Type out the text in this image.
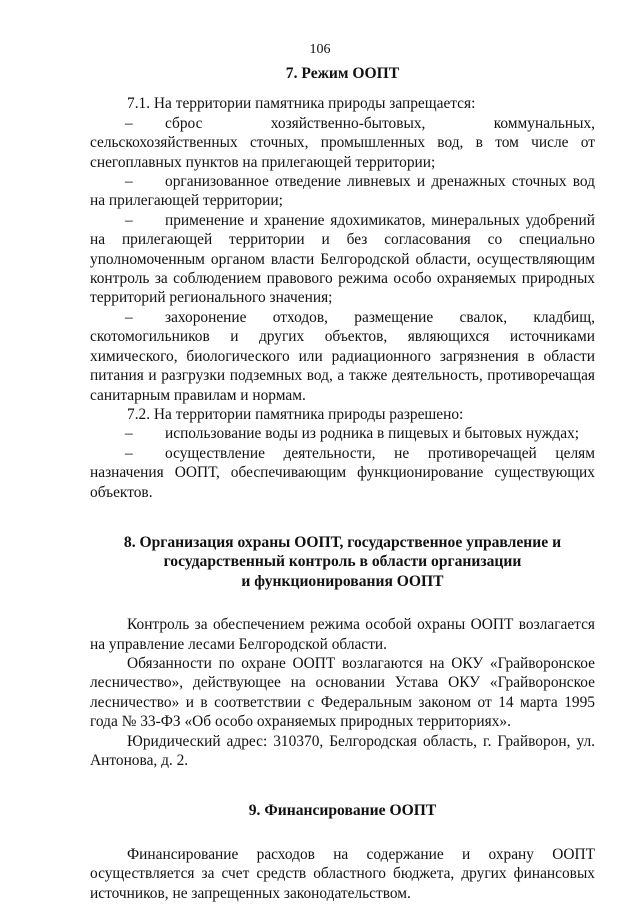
106
7. Режим ООПТ

7.1. На территории памятника природы запрещается:

– сброс хозяйственно-бытовых, коммунальных, сельскохозяйственных сточных, промышленных вод, в том числе от снегоплавных пунктов на прилегающей территории;

– организованное отведение ливневых и дренажных сточных вод на прилегающей территории;

– применение и хранение ядохимикатов, минеральных удобрений на прилегающей территории и без согласования со специально уполномоченным органом власти Белгородской области, осуществляющим контроль за соблюдением правового режима особо охраняемых природных территорий регионального значения;

– захоронение отходов, размещение свалок, кладбищ, скотомогильников и других объектов, являющихся источниками химического, биологического или радиационного загрязнения в области питания и разгрузки подземных вод, а также деятельность, противоречащая санитарным правилам и нормам.

7.2. На территории памятника природы разрешено:

– использование воды из родника в пищевых и бытовых нуждах;

– осуществление деятельности, не противоречащей целям назначения ООПТ, обеспечивающим функционирование существующих объектов.

8. Организация охраны ООПТ, государственное управление и
государственный контроль в области организации
и функционирования ООПТ

Контроль за обеспечением режима особой охраны ООПТ возлагается на управление лесами Белгородской области.

Обязанности по охране ООПТ возлагаются на ОКУ «Грайворонское лесничество», действующее на основании Устава ОКУ «Грайворонское лесничество» и в соответствии с Федеральным законом от 14 марта 1995 года № 33-ФЗ «Об особо охраняемых природных территориях».

Юридический адрес: 310370, Белгородская область, г. Грайворон, ул. Антонова, д. 2.

9. Финансирование ООПТ

Финансирование расходов на содержание и охрану ООПТ осуществляется за счет средств областного бюджета, других финансовых источников, не запрещенных законодательством.
